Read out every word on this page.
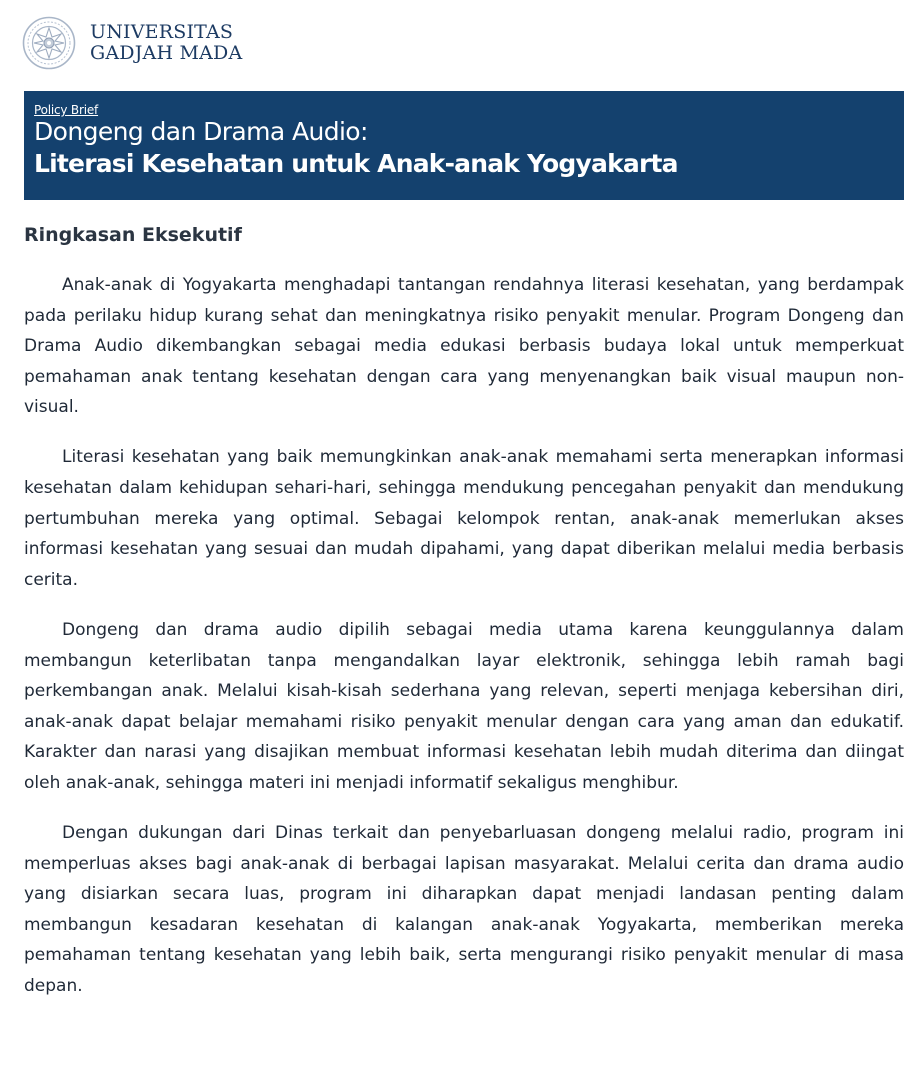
UNIVERSITAS
GADJAH MADA
Policy Brief
Dongeng dan Drama Audio:
Literasi Kesehatan untuk Anak-anak Yogyakarta
Ringkasan Eksekutif

Anak-anak di Yogyakarta menghadapi tantangan rendahnya literasi kesehatan, yang berdampak pada perilaku hidup kurang sehat dan meningkatnya risiko penyakit menular. Program Dongeng dan Drama Audio dikembangkan sebagai media edukasi berbasis budaya lokal untuk memperkuat pemahaman anak tentang kesehatan dengan cara yang menyenangkan baik visual maupun non-visual.

Literasi kesehatan yang baik memungkinkan anak-anak memahami serta menerapkan informasi kesehatan dalam kehidupan sehari-hari, sehingga mendukung pencegahan penyakit dan mendukung pertumbuhan mereka yang optimal. Sebagai kelompok rentan, anak-anak memerlukan akses informasi kesehatan yang sesuai dan mudah dipahami, yang dapat diberikan melalui media berbasis cerita.

Dongeng dan drama audio dipilih sebagai media utama karena keunggulannya dalam membangun keterlibatan tanpa mengandalkan layar elektronik, sehingga lebih ramah bagi perkembangan anak. Melalui kisah-kisah sederhana yang relevan, seperti menjaga kebersihan diri, anak-anak dapat belajar memahami risiko penyakit menular dengan cara yang aman dan edukatif. Karakter dan narasi yang disajikan membuat informasi kesehatan lebih mudah diterima dan diingat oleh anak-anak, sehingga materi ini menjadi informatif sekaligus menghibur.

Dengan dukungan dari Dinas terkait dan penyebarluasan dongeng melalui radio, program ini memperluas akses bagi anak-anak di berbagai lapisan masyarakat. Melalui cerita dan drama audio yang disiarkan secara luas, program ini diharapkan dapat menjadi landasan penting dalam membangun kesadaran kesehatan di kalangan anak-anak Yogyakarta, memberikan mereka pemahaman tentang kesehatan yang lebih baik, serta mengurangi risiko penyakit menular di masa depan.
